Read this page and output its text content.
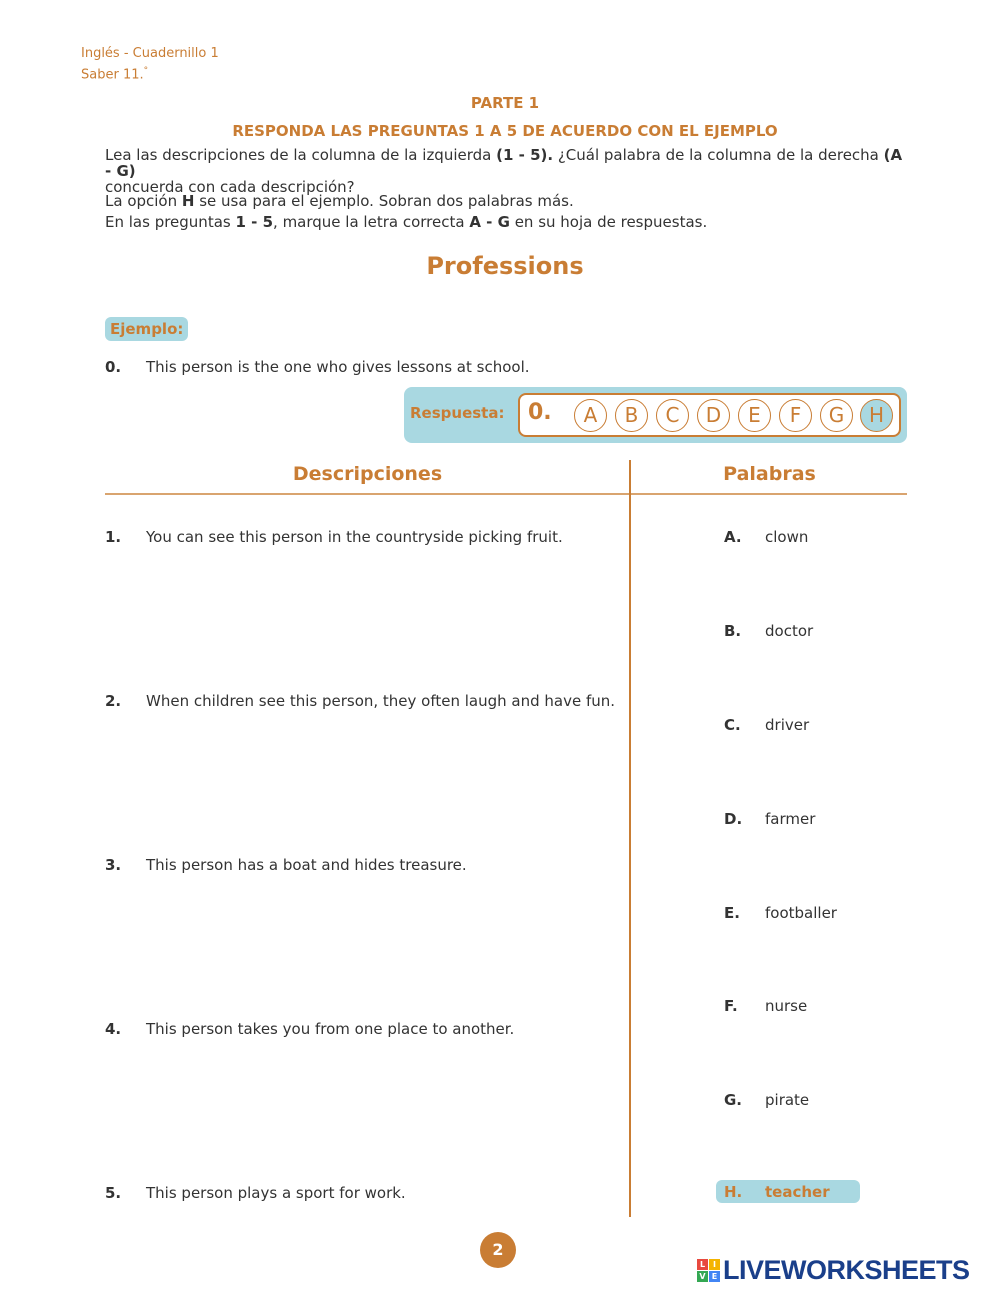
Inglés - Cuadernillo 1
Saber 11.°
PARTE 1
RESPONDA LAS PREGUNTAS 1 A 5 DE ACUERDO CON EL EJEMPLO
Lea las descripciones de la columna de la izquierda (1 - 5). ¿Cuál palabra de la columna de la derecha (A - G)
concuerda con cada descripción?
La opción H se usa para el ejemplo. Sobran dos palabras más.
En las preguntas 1 - 5, marque la letra correcta A - G en su hoja de respuestas.
Professions
Ejemplo:
0. This person is the one who gives lessons at school.
Respuesta: 0.	A	B	C	D	E	F	G	H
Descripciones	Palabras
1. You can see this person in the countryside picking fruit.
2. When children see this person, they often laugh and have fun.
3. This person has a boat and hides treasure.
4. This person takes you from one place to another.
5. This person plays a sport for work.
A. clown
B. doctor
C. driver
D. farmer
E. footballer
F. nurse
G. pirate
H. teacher
2
L I
V E LIVEWORKSHEETS
